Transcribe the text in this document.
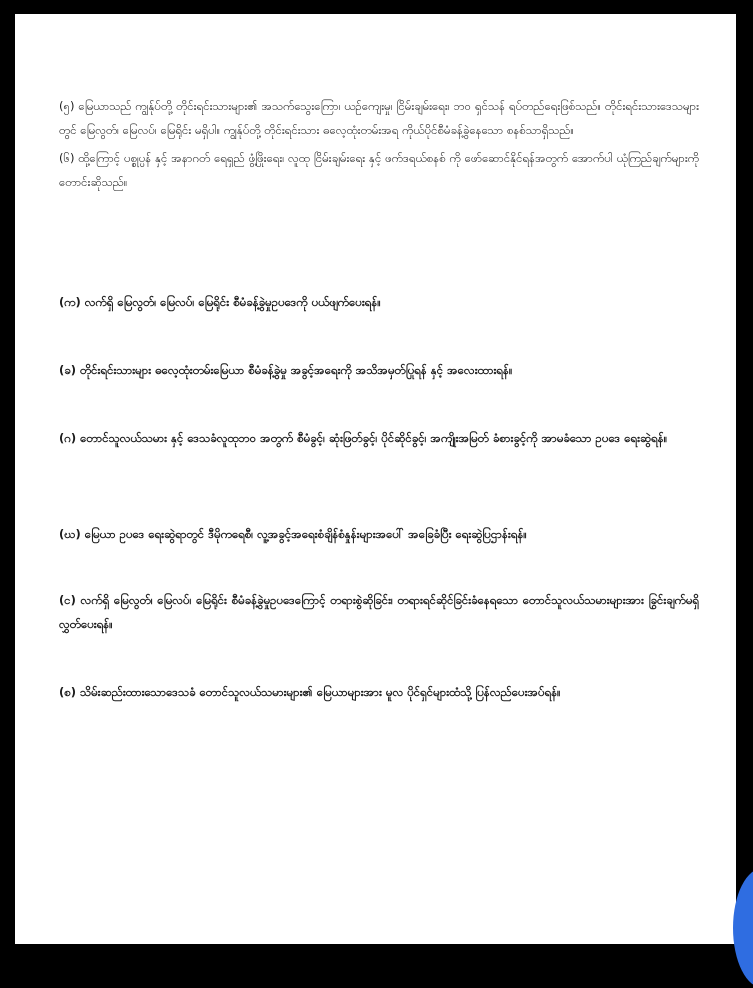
(၅) မြေယာသည် ကျွန်ုပ်တို့ တိုင်းရင်းသားများ၏ အသက်သွေးကြော၊ ယဉ်ကျေးမှု၊ ငြိမ်းချမ်းရေး၊ ဘဝ ရှင်သန် ရပ်တည်ရေးဖြစ်သည်။ တိုင်းရင်းသားဒေသများတွင် မြေလွတ်၊ မြေလပ်၊ မြေရိုင်း မရှိပါ။ ကျွန်ုပ်တို့ တိုင်းရင်းသား ဓလေ့ထုံးတမ်းအရ ကိုယ်ပိုင်စီမံခန့်ခွဲနေသော စနစ်သာရှိသည်။

(၆) ထို့ကြောင့် ပစ္စုပ္ပန် နှင့် အနာဂတ် ရေရှည် ဖွံ့ဖြိုးရေး၊ လူထု ငြိမ်းချမ်းရေး နှင့် ဖက်ဒရယ်စနစ် ကို ဖော်ဆောင်နိုင်ရန်အတွက် အောက်ပါ ယုံကြည်ချက်များကို တောင်းဆိုသည်။

(က) လက်ရှိ မြေလွတ်၊ မြေလပ်၊ မြေရိုင်း စီမံခန့်ခွဲမှုဥပဒေကို ပယ်ဖျက်ပေးရန်။

(ခ) တိုင်းရင်းသားများ ဓလေ့ထုံးတမ်းမြေယာ စီမံခန့်ခွဲမှု အခွင့်အရေးကို အသိအမှတ်ပြုရန် နှင့် အလေးထားရန်။

(ဂ) တောင်သူလယ်သမား နှင့် ဒေသခံလူထုဘဝ အတွက် စီမံခွင့်၊ ဆုံးဖြတ်ခွင့်၊ ပိုင်ဆိုင်ခွင့်၊ အကျိုးအမြတ် ခံစားခွင့်ကို အာမခံသော ဥပဒေ ရေးဆွဲရန်။

(ဃ) မြေယာ ဥပဒေ ရေးဆွဲရာတွင် ဒီမိုကရေစီ၊ လူ့အခွင့်အရေးစံချိန်စံနှုန်းများအပေါ် အခြေခံပြီး ရေးဆွဲပြဌာန်းရန်။

(င) လက်ရှိ မြေလွတ်၊ မြေလပ်၊ မြေရိုင်း စီမံခန့်ခွဲမှုဥပဒေကြောင့် တရားစွဲဆိုခြင်း၊ တရားရင်ဆိုင်ခြင်းခံနေရသော တောင်သူလယ်သမားများအား ခြွင်းချက်မရှိ လွှတ်ပေးရန်။

(စ) သိမ်းဆည်းထားသောဒေသခံ တောင်သူလယ်သမားများ၏ မြေယာများအား မူလ ပိုင်ရှင်များထံသို့ ပြန်လည်ပေးအပ်ရန်။
